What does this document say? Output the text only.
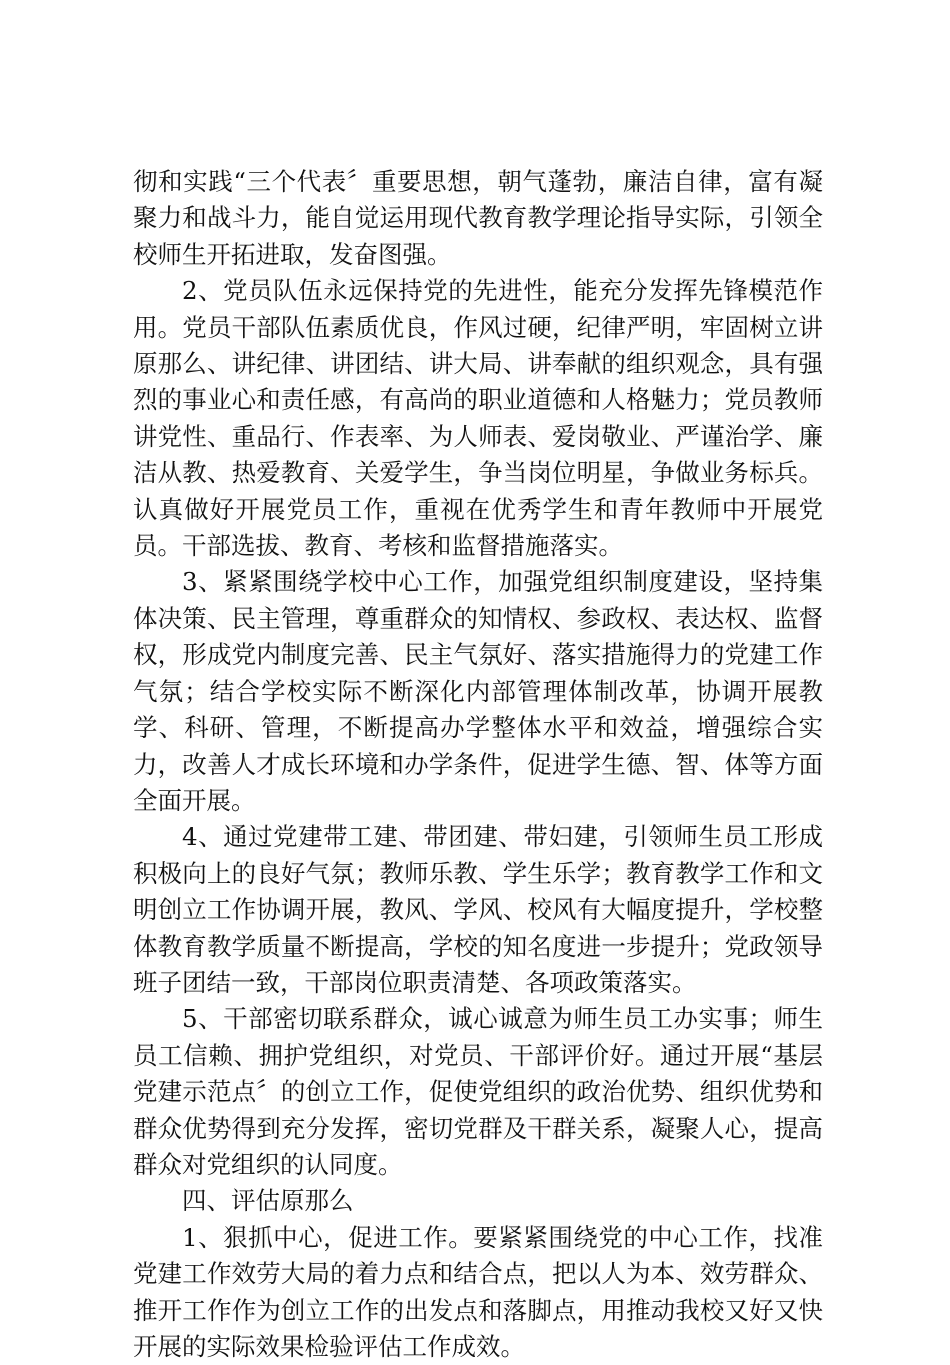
彻和实践“三个代表〞重要思想，朝气蓬勃，廉洁自律，富有凝聚力和战斗力，能自觉运用现代教育教学理论指导实际，引领全校师生开拓进取，发奋图强。

2、党员队伍永远保持党的先进性，能充分发挥先锋模范作用。党员干部队伍素质优良，作风过硬，纪律严明，牢固树立讲原那么、讲纪律、讲团结、讲大局、讲奉献的组织观念，具有强烈的事业心和责任感，有高尚的职业道德和人格魅力；党员教师讲党性、重品行、作表率、为人师表、爱岗敬业、严谨治学、廉洁从教、热爱教育、关爱学生，争当岗位明星，争做业务标兵。认真做好开展党员工作，重视在优秀学生和青年教师中开展党员。干部选拔、教育、考核和监督措施落实。

3、紧紧围绕学校中心工作，加强党组织制度建设，坚持集体决策、民主管理，尊重群众的知情权、参政权、表达权、监督权，形成党内制度完善、民主气氛好、落实措施得力的党建工作气氛；结合学校实际不断深化内部管理体制改革，协调开展教学、科研、管理，不断提高办学整体水平和效益，增强综合实力，改善人才成长环境和办学条件，促进学生德、智、体等方面全面开展。

4、通过党建带工建、带团建、带妇建，引领师生员工形成积极向上的良好气氛；教师乐教、学生乐学；教育教学工作和文明创立工作协调开展，教风、学风、校风有大幅度提升，学校整体教育教学质量不断提高，学校的知名度进一步提升；党政领导班子团结一致，干部岗位职责清楚、各项政策落实。

5、干部密切联系群众，诚心诚意为师生员工办实事；师生员工信赖、拥护党组织，对党员、干部评价好。通过开展“基层党建示范点〞的创立工作，促使党组织的政治优势、组织优势和群众优势得到充分发挥，密切党群及干群关系，凝聚人心，提高群众对党组织的认同度。

四、评估原那么

1、狠抓中心，促进工作。要紧紧围绕党的中心工作，找准党建工作效劳大局的着力点和结合点，把以人为本、效劳群众、推开工作作为创立工作的出发点和落脚点，用推动我校又好又快开展的实际效果检验评估工作成效。
